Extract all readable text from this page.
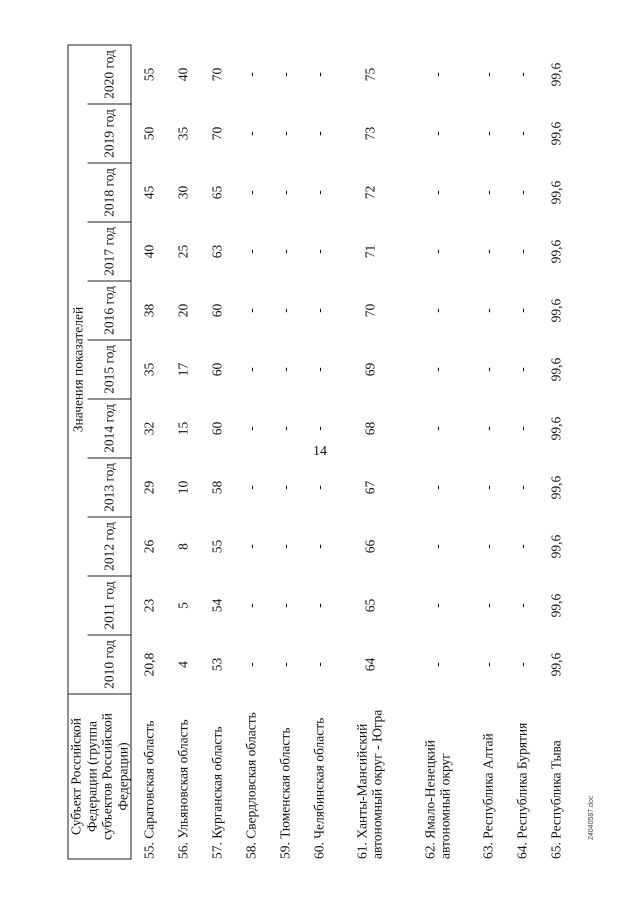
14
Субъект Российской Федерации (группа субъектов Российской Федерации)	Значения показателей										
	2010 год	2011 год	2012 год	2013 год	2014 год	2015 год	2016 год	2017 год	2018 год	2019 год	2020 год
55. Саратовская область	20,8	23	26	29	32	35	38	40	45	50	55
56. Ульяновская область	4	5	8	10	15	17	20	25	30	35	40
57. Курганская область	53	54	55	58	60	60	60	63	65	70	70
58. Свердловская область	-	-	-	-	-	-	-	-	-	-	-
59. Тюменская область	-	-	-	-	-	-	-	-	-	-	-
60. Челябинская область	-	-	-	-	-	-	-	-	-	-	-
61. Ханты-Мансийский автономный округ - Югра	64	65	66	67	68	69	70	71	72	73	75
62. Ямало-Ненецкий автономный округ	-	-	-	-	-	-	-	-	-	-	-
63. Республика Алтай	-	-	-	-	-	-	-	-	-	-	-
64. Республика Бурятия	-	-	-	-	-	-	-	-	-	-	-
65. Республика Тыва	99,6	99,6	99,6	99,6	99,6	99,6	99,6	99,6	99,6	99,6	99,6
24040587.doc
